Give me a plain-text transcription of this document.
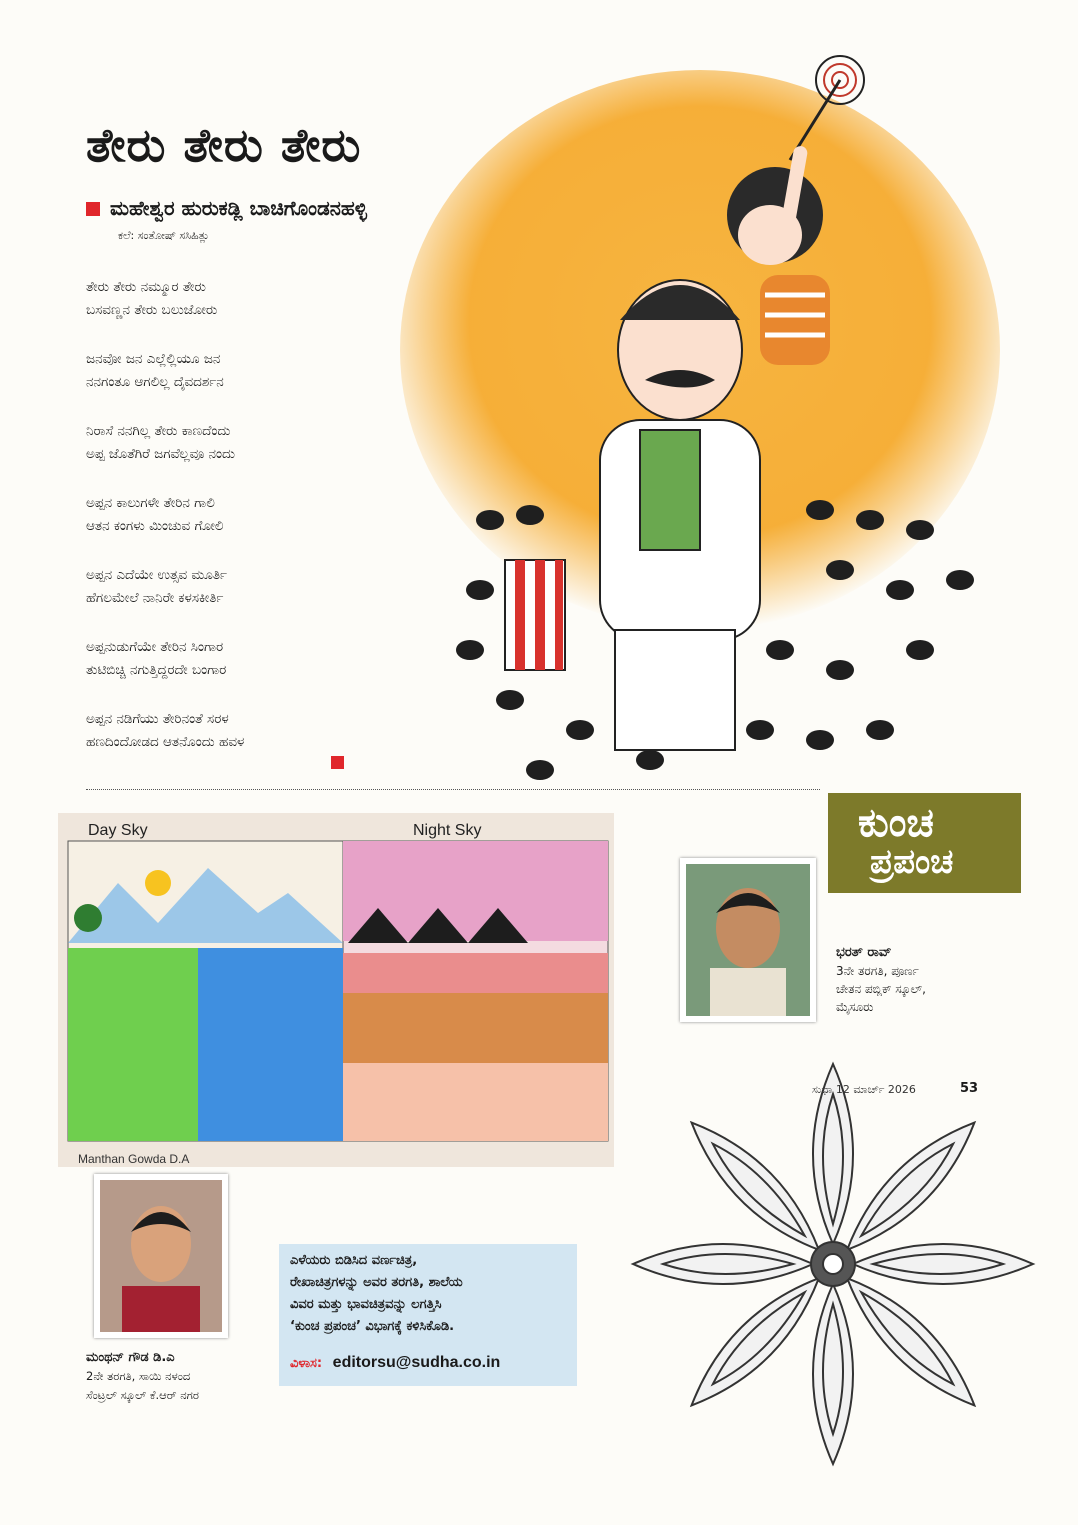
ತೇರು ತೇರು ತೇರು
ಮಹೇಶ್ವರ ಹುರುಕಡ್ಲಿ ಬಾಚಿಗೊಂಡನಹಳ್ಳಿ
ಕಲೆ: ಸಂತೋಷ್ ಸಸಿಹಿತ್ಲು

ತೇರು ತೇರು ನಮ್ಮೂರ ತೇರು

ಬಸವಣ್ಣನ ತೇರು ಬಲುಜೋರು

ಜನವೋ ಜನ ಎಲ್ಲೆಲ್ಲಿಯೂ ಜನ

ನನಗಂತೂ ಆಗಲಿಲ್ಲ ದೈವದರ್ಶನ

ನಿರಾಸೆ ನನಗಿಲ್ಲ ತೇರು ಕಾಣದೆಂದು

ಅಪ್ಪ ಜೊತೆಗಿರೆ ಜಗವೆಲ್ಲವೂ ನಂದು

ಅಪ್ಪನ ಕಾಲುಗಳೇ ತೇರಿನ ಗಾಲಿ

ಆತನ ಕಂಗಳು ಮಿಂಚುವ ಗೋಲಿ

ಅಪ್ಪನ ಎದೆಯೇ ಉತ್ಸವ ಮೂರ್ತಿ

ಹೆಗಲಮೇಲೆ ನಾನಿರೇ ಕಳಸಕೀರ್ತಿ

ಅಪ್ಪನುಡುಗೆಯೇ ತೇರಿನ ಸಿಂಗಾರ

ತುಟಿಬಿಚ್ಚಿ ನಗುತ್ತಿದ್ದರದೇ ಬಂಗಾರ

ಅಪ್ಪನ ನಡಿಗೆಯು ತೇರಿನಂತೆ ಸರಳ

ಹಣದಿಂದೋಡದ ಆತನೊಂದು ಹವಳ

ಕುಂಚ
ಪ್ರಪಂಚ
Day Sky	Night Sky
Manthan Gowda D.A
ಭರತ್ ರಾವ್
3ನೇ ತರಗತಿ, ಪೂರ್ಣ
ಚೇತನ ಪಬ್ಲಿಕ್ ಸ್ಕೂಲ್,
ಮೈಸೂರು
ಮಂಥನ್ ಗೌಡ ಡಿ.ಎ
2ನೇ ತರಗತಿ, ಸಾಯಿ ನಳಂದ
ಸೆಂಟ್ರಲ್ ಸ್ಕೂಲ್ ಕೆ.ಆರ್ ನಗರ
ಎಳೆಯರು ಬಿಡಿಸಿದ ವರ್ಣಚಿತ್ರ,
ರೇಖಾಚಿತ್ರಗಳನ್ನು ಅವರ ತರಗತಿ, ಶಾಲೆಯ
ವಿವರ ಮತ್ತು ಭಾವಚಿತ್ರವನ್ನು ಲಗತ್ತಿಸಿ
‘ಕುಂಚ ಪ್ರಪಂಚ’ ವಿಭಾಗಕ್ಕೆ ಕಳಿಸಿಕೊಡಿ.
ವಿಳಾಸ: editorsu@sudha.co.in
ಸುಧಾ 12 ಮಾರ್ಚ್ 2026	53
